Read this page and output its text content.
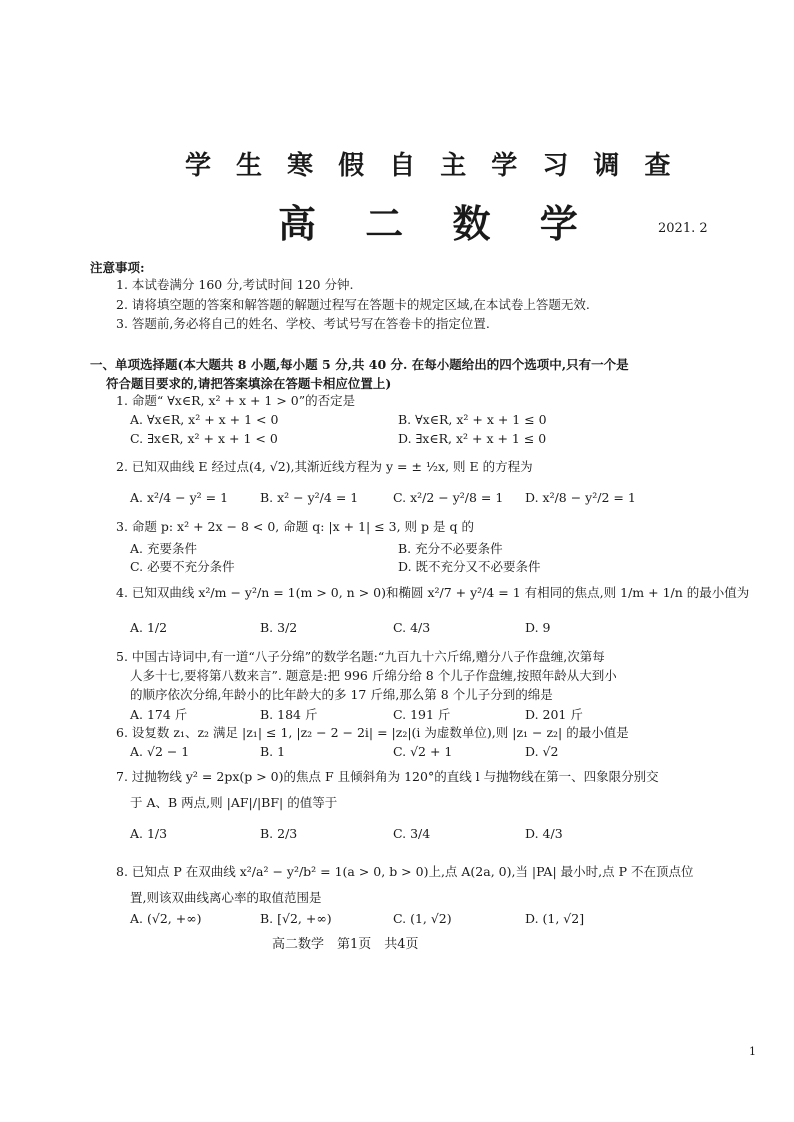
学 生 寒 假 自 主 学 习 调 查
高 二 数 学	2021. 2
注意事项:
1. 本试卷满分 160 分,考试时间 120 分钟.
2. 请将填空题的答案和解答题的解题过程写在答题卡的规定区域,在本试卷上答题无效.
3. 答题前,务必将自己的姓名、学校、考试号写在答卷卡的指定位置.
一、单项选择题(本大题共 8 小题,每小题 5 分,共 40 分. 在每小题给出的四个选项中,只有一个是
符合题目要求的,请把答案填涂在答题卡相应位置上)
1. 命题“ ∀x∈R, x² + x + 1 > 0”的否定是
A. ∀x∈R, x² + x + 1 < 0	B. ∀x∈R, x² + x + 1 ≤ 0
C. ∃x∈R, x² + x + 1 < 0	D. ∃x∈R, x² + x + 1 ≤ 0
2. 已知双曲线 E 经过点(4, √2),其渐近线方程为 y = ± ½x, 则 E 的方程为
A. x²/4 − y² = 1	B. x² − y²/4 = 1	C. x²/2 − y²/8 = 1 D. x²/8 − y²/2 = 1
3. 命题 p: x² + 2x − 8 < 0, 命题 q: |x + 1| ≤ 3, 则 p 是 q 的
A. 充要条件	B. 充分不必要条件
C. 必要不充分条件	D. 既不充分又不必要条件
4. 已知双曲线 x²/m − y²/n = 1(m > 0, n > 0)和椭圆 x²/7 + y²/4 = 1 有相同的焦点,则 1/m + 1/n 的最小值为
A. 1/2	B. 3/2	C. 4/3	D. 9
5. 中国古诗词中,有一道“八子分绵”的数学名题:“九百九十六斤绵,赠分八子作盘缠,次第每
人多十七,要将第八数来言”. 题意是:把 996 斤绵分给 8 个儿子作盘缠,按照年龄从大到小
的顺序依次分绵,年龄小的比年龄大的多 17 斤绵,那么第 8 个儿子分到的绵是
A. 174 斤	B. 184 斤	C. 191 斤	D. 201 斤
6. 设复数 z₁、z₂ 满足 |z₁| ≤ 1, |z₂ − 2 − 2i| = |z₂|(i 为虚数单位),则 |z₁ − z₂| 的最小值是
A. √2 − 1	B. 1	C. √2 + 1	D. √2
7. 过抛物线 y² = 2px(p > 0)的焦点 F 且倾斜角为 120°的直线 l 与抛物线在第一、四象限分别交
于 A、B 两点,则 |AF|/|BF| 的值等于
A. 1/3	B. 2/3	C. 3/4	D. 4/3
8. 已知点 P 在双曲线 x²/a² − y²/b² = 1(a > 0, b > 0)上,点 A(2a, 0),当 |PA| 最小时,点 P 不在顶点位
置,则该双曲线离心率的取值范围是
A. (√2, +∞)	B. [√2, +∞)	C. (1, √2)	D. (1, √2]
高二数学　第1页　共4页
1
